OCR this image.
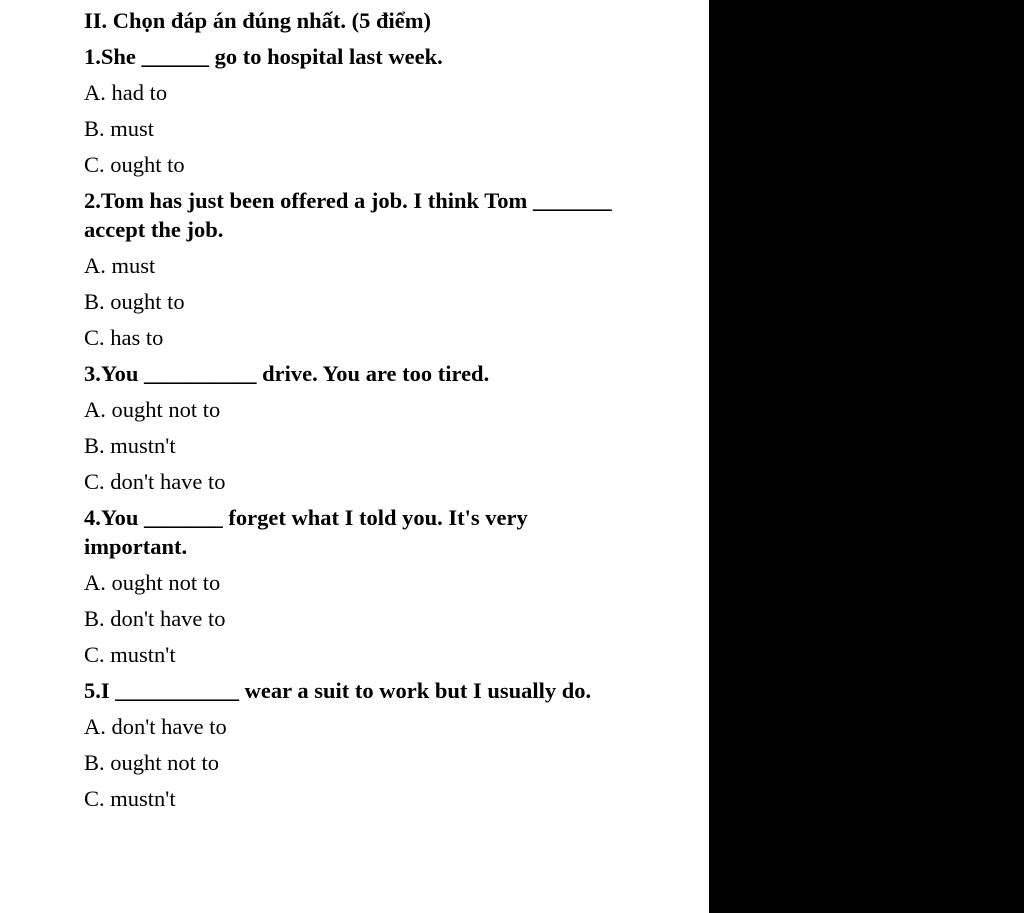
II. Chọn đáp án đúng nhất. (5 điểm)
1.She ______ go to hospital last week.
A. had to
B. must
C. ought to
2.Tom has just been offered a job. I think Tom _______ accept the job.
A. must
B. ought to
C. has to
3.You __________ drive. You are too tired.
A. ought not to
B. mustn't
C. don't have to
4.You _______ forget what I told you. It's very important.
A. ought not to
B. don't have to
C. mustn't
5.I ___________ wear a suit to work but I usually do.
A. don't have to
B. ought not to
C. mustn't
